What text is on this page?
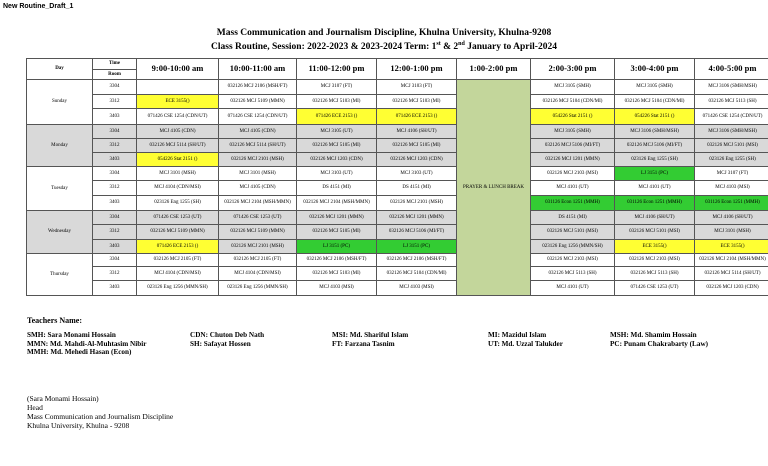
New Routine_Draft_1
Mass Communication and Journalism Discipline, Khulna University, Khulna-9208
Class Routine, Session: 2022-2023 & 2023-2024 Term: 1st & 2nd January to April-2024
Day	Time	9:00-10:00 am	10:00-11:00 am	11:00-12:00 pm	12:00-1:00 pm	1:00-2:00 pm	2:00-3:00 pm	3:00-4:00 pm	4:00-5:00 pm
	Room								
Sunday	3304		032126 MCJ 2106 (MSH/FT)	MCJ 3107 (FT)	MCJ 3103 (FT)	PRAYER & LUNCH BREAK	MCJ 3105 (SMH)	MCJ 3105 (SMH)	MCJ 3106 (SMH/MSH)
	3312	ECE 3155()	032126 MCJ 5109 (MMN)	032126 MCJ 5103 (MI)	032126 MCJ 5103 (MI)		032126 MCJ 5104 (CDN/MI)	032126 MCJ 5104 (CDN/MI)	032126 MCJ 5113 (SH)
	3403	071426 CSE 1254 (CDN/UT)	071426 CSE 1254 (CDN/UT)	071426 ECE 2153 ()	071426 ECE 2153 ()		054226 Stat 2151 ()	054226 Stat 2151 ()	071426 CSE 1254 (CDN/UT)
Monday	3304	MCJ 4105 (CDN)	MCJ 4105 (CDN)	MCJ 3105 (UT)	MCJ 4106 (SH/UT)		MCJ 3105 (SMH)	MCJ 3106 (SMH/MSH)	MCJ 3106 (SMH/MSH)
	3312	032126 MCJ 5114 (SH/UT)	032126 MCJ 5114 (SH/UT)	032126 MCJ 5105 (MI)	032126 MCJ 5105 (MI)		032126 MCJ 5106 (MI/FT)	032126 MCJ 5106 (MI/FT)	032126 MCJ 5101 (MSI)
	3403	054226 Stat 2151 ()	032126 MCJ 2101 (MSH)	032126 MCJ 1203 (CDN)	032126 MCJ 1203 (CDN)		032126 MCJ 1201 (MMN)	023126 Eng 1255 (SH)	023126 Eng 1255 (SH)
Tuesday	3304	MCJ 3101 (MSH)	MCJ 3101 (MSH)	MCJ 3103 (UT)	MCJ 3103 (UT)		032126 MCJ 2103 (MSI)	LJ 3151 (PC)	MCJ 3107 (FT)
	3312	MCJ 4104 (CDN/MSI)	MCJ 4105 (CDN)	DS 4151 (MI)	DS 4151 (MI)		MCJ 4101 (UT)	MCJ 4101 (UT)	MCJ 4103 (MSI)
	3403	023126 Eng 1255 (SH)	032126 MCJ 2104 (MSH/MMN)	032126 MCJ 2104 (MSH/MMN)	032126 MCJ 2101 (MSH)		031126 Econ 1251 (MMH)	031126 Econ 1251 (MMH)	031126 Econ 1251 (MMH)
Wednesday	3304	071426 CSE 1253 (UT)	071426 CSE 1253 (UT)	032126 MCJ 1201 (MMN)	032126 MCJ 1201 (MMN)		DS 4151 (MI)	MCJ 4106 (SH/UT)	MCJ 4106 (SH/UT)
	3312	032126 MCJ 5109 (MMN)	032126 MCJ 5109 (MMN)	032126 MCJ 5105 (MI)	032126 MCJ 5106 (MI/FT)		032126 MCJ 5101 (MSI)	032126 MCJ 5101 (MSI)	MCJ 3101 (MSH)
	3403	071426 ECE 2153 ()	032126 MCJ 2101 (MSH)	LJ 3151 (PC)	LJ 3151 (PC)		023126 Eng 1256 (MMN/SH)	ECE 3155()	ECE 3155()
Thursday	3304	032126 MCJ 2105 (FT)	032126 MCJ 2105 (FT)	032126 MCJ 2106 (MSH/FT)	032126 MCJ 2106 (MSH/FT)		032126 MCJ 2103 (MSI)	032126 MCJ 2103 (MSI)	032126 MCJ 2104 (MSH/MMN)
	3312	MCJ 4104 (CDN/MSI)	MCJ 4104 (CDN/MSI)	032126 MCJ 5103 (MI)	032126 MCJ 5104 (CDN/MI)		032126 MCJ 5113 (SH)	032126 MCJ 5113 (SH)	032126 MCJ 5114 (SH/UT)
	3403	023126 Eng 1256 (MMN/SH)	023126 Eng 1256 (MMN/SH)	MCJ 4103 (MSI)	MCJ 4103 (MSI)		MCJ 4101 (UT)	071426 CSE 1253 (UT)	032126 MCJ 1203 (CDN)
Teachers Name:
SMH: Sara Monami Hossain
MMN: Md. Mahdi-Al-Muhtasim Nibir
MMH: Md. Mehedi Hasan (Econ)
CDN: Chuton Deb Nath
SH: Safayat Hossen
MSI: Md. Shariful Islam
FT: Farzana Tasnim
MI: Mazidul Islam
UT: Md. Uzzal Talukder
MSH: Md. Shamim Hossain
PC: Punam Chakrabarty (Law)
(Sara Monami Hossain)
Head
Mass Communication and Journalism Discipline
Khulna University, Khulna - 9208
